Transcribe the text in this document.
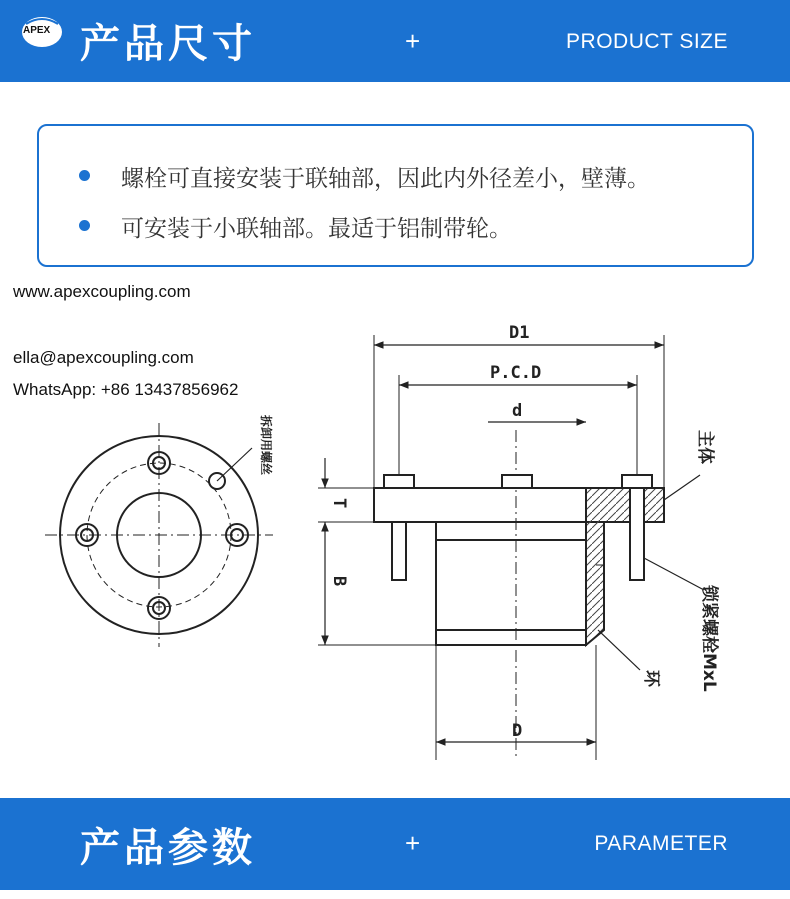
APEX 产品尺寸	+	PRODUCT SIZE
螺栓可直接安装于联轴部，因此内外径差小，壁薄。
可安装于小联轴部。最适于铝制带轮。
www.apexcoupling.com
ella@apexcoupling.com
WhatsApp: +86 13437856962
拆卸用螺丝
D1
P.C.D
d
D
T
B
主体
锁紧螺栓MxL
环
产品参数	+	PARAMETER
